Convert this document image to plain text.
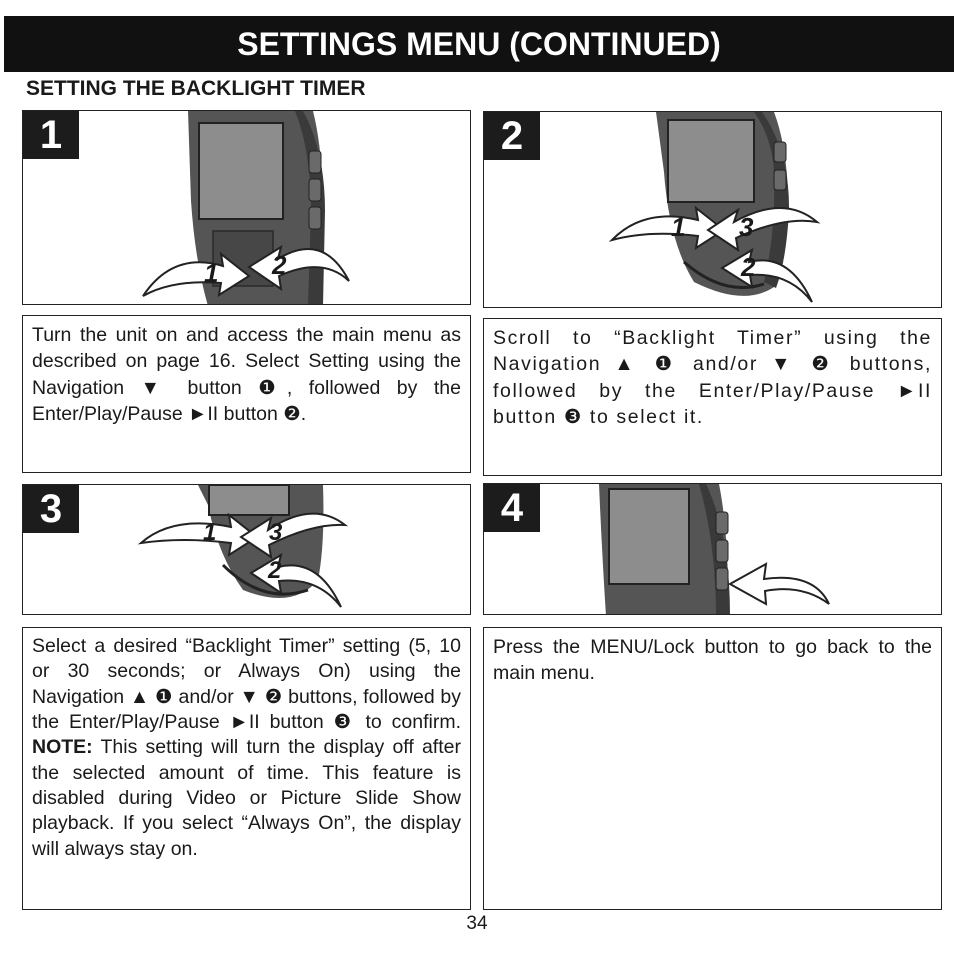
SETTINGS MENU (CONTINUED)
SETTING THE BACKLIGHT TIMER
1
1 2
2
1 3
2
Turn the unit on and access the main menu as described on page 16. Select Setting using the Navigation ▼ button ❶, followed by the Enter/Play/Pause ►II button ❷.
Scroll to “Backlight Timer” using the Navigation ▲ ❶ and/or ▼ ❷ buttons, followed by the Enter/Play/Pause ►II button ❸ to select it.
3
1 3
2
4
Select a desired “Backlight Timer” setting (5, 10 or 30 seconds; or Always On) using the Navigation ▲ ❶ and/or ▼ ❷ buttons, followed by the Enter/Play/Pause ►II button ❸ to confirm. NOTE: This setting will turn the display off after the selected amount of time. This feature is disabled during Video or Picture Slide Show playback. If you select “Always On”, the display will always stay on.
Press the MENU/Lock button to go back to the main menu.
34
